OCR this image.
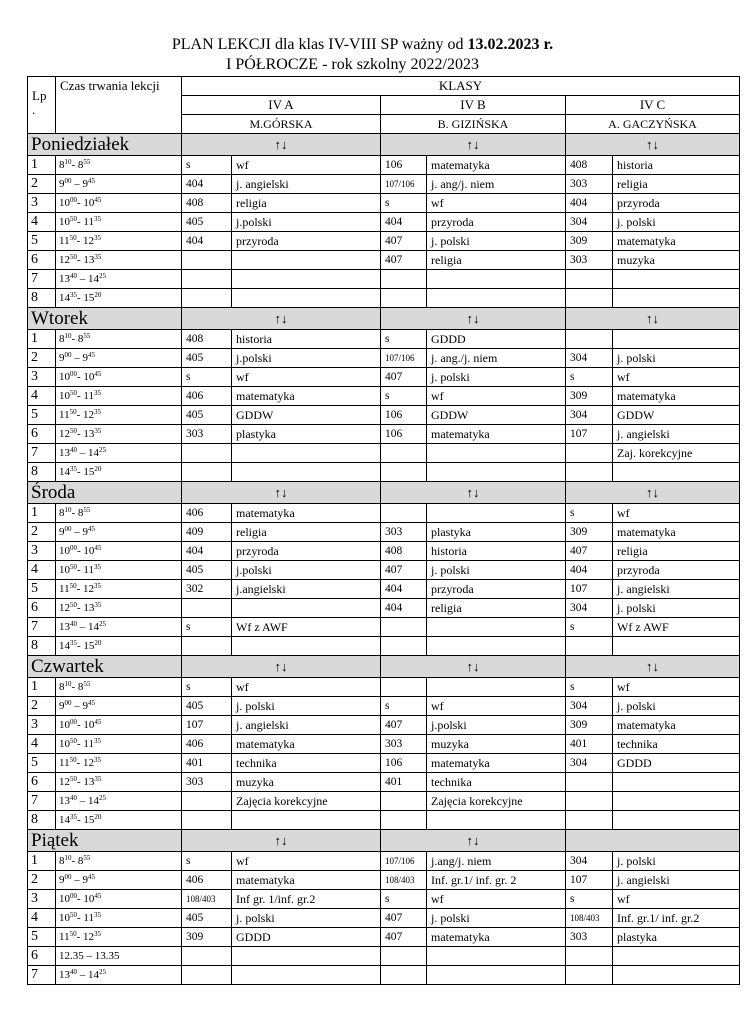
PLAN LEKCJI dla klas IV-VIII SP ważny od 13.02.2023 r.
I PÓŁROCZE - rok szkolny 2022/2023
Lp
.	Czas trwania lekcji	KLASY					
		IV A		IV B		IV C	
		M.GÓRSKA		B. GIZIŃSKA		A. GACZYŃSKA	
Poniedziałek		↑↓		↑↓		↑↓	
1	$8^{10}-$ $8^{55}$	s	wf	106	matematyka	408	historia
2	$9^{00} - 9^{45}$	404	j. angielski	107/106	j. ang/j. niem	303	religia
3	$10^{00}-$ $10^{45}$	408	religia	s	wf	404	przyroda
4	$10^{50}-$ $11^{35}$	405	j.polski	404	przyroda	304	j. polski
5	$11^{50}-$ $12^{35}$	404	przyroda	407	j. polski	309	matematyka
6	$12^{50}-$ $13^{35}$			407	religia	303	muzyka
7	$13^{40} - 14^{25}$						
8	$14^{35}-$ $15^{20}$						
Wtorek		↑↓		↑↓		↑↓	
1	$8^{10}-$ $8^{55}$	408	historia	s	GDDD		
2	$9^{00} - 9^{45}$	405	j.polski	107/106	j. ang./j. niem	304	j. polski
3	$10^{00}-$ $10^{45}$	s	wf	407	j. polski	s	wf
4	$10^{50}-$ $11^{35}$	406	matematyka	s	wf	309	matematyka
5	$11^{50}-$ $12^{35}$	405	GDDW	106	GDDW	304	GDDW
6	$12^{50}-$ $13^{35}$	303	plastyka	106	matematyka	107	j. angielski
7	$13^{40} - 14^{25}$						Zaj. korekcyjne
8	$14^{35}-$ $15^{20}$						
Środa		↑↓		↑↓		↑↓	
1	$8^{10}-$ $8^{55}$	406	matematyka			s	wf
2	$9^{00} - 9^{45}$	409	religia	303	plastyka	309	matematyka
3	$10^{00}-$ $10^{45}$	404	przyroda	408	historia	407	religia
4	$10^{50}-$ $11^{35}$	405	j.polski	407	j. polski	404	przyroda
5	$11^{50}-$ $12^{35}$	302	j.angielski	404	przyroda	107	j. angielski
6	$12^{50}-$ $13^{35}$			404	religia	304	j. polski
7	$13^{40} - 14^{25}$	s	Wf z AWF			s	Wf z AWF
8	$14^{35}-$ $15^{20}$						
Czwartek		↑↓		↑↓		↑↓	
1	$8^{10}-$ $8^{55}$	s	wf			s	wf
2	$9^{00} - 9^{45}$	405	j. polski	s	wf	304	j. polski
3	$10^{00}-$ $10^{45}$	107	j. angielski	407	j.polski	309	matematyka
4	$10^{50}-$ $11^{35}$	406	matematyka	303	muzyka	401	technika
5	$11^{50}-$ $12^{35}$	401	technika	106	matematyka	304	GDDD
6	$12^{50}-$ $13^{35}$	303	muzyka	401	technika		
7	$13^{40} - 14^{25}$		Zajęcia korekcyjne		Zajęcia korekcyjne		
8	$14^{35}-$ $15^{20}$						
Piątek		↑↓		↑↓			
1	$8^{10}-$ $8^{55}$	s	wf	107/106	j.ang/j. niem	304	j. polski
2	$9^{00} - 9^{45}$	406	matematyka	108/403	Inf. gr.1/ inf. gr. 2	107	j. angielski
3	$10^{00}-$ $10^{45}$	108/403	Inf gr. 1/inf. gr.2	s	wf	s	wf
4	$10^{50}-$ $11^{35}$	405	j. polski	407	j. polski	108/403	Inf. gr.1/ inf. gr.2
5	$11^{50}-$ $12^{35}$	309	GDDD	407	matematyka	303	plastyka
6	12.35 – 13.35						
7	$13^{40} - 14^{25}$						
